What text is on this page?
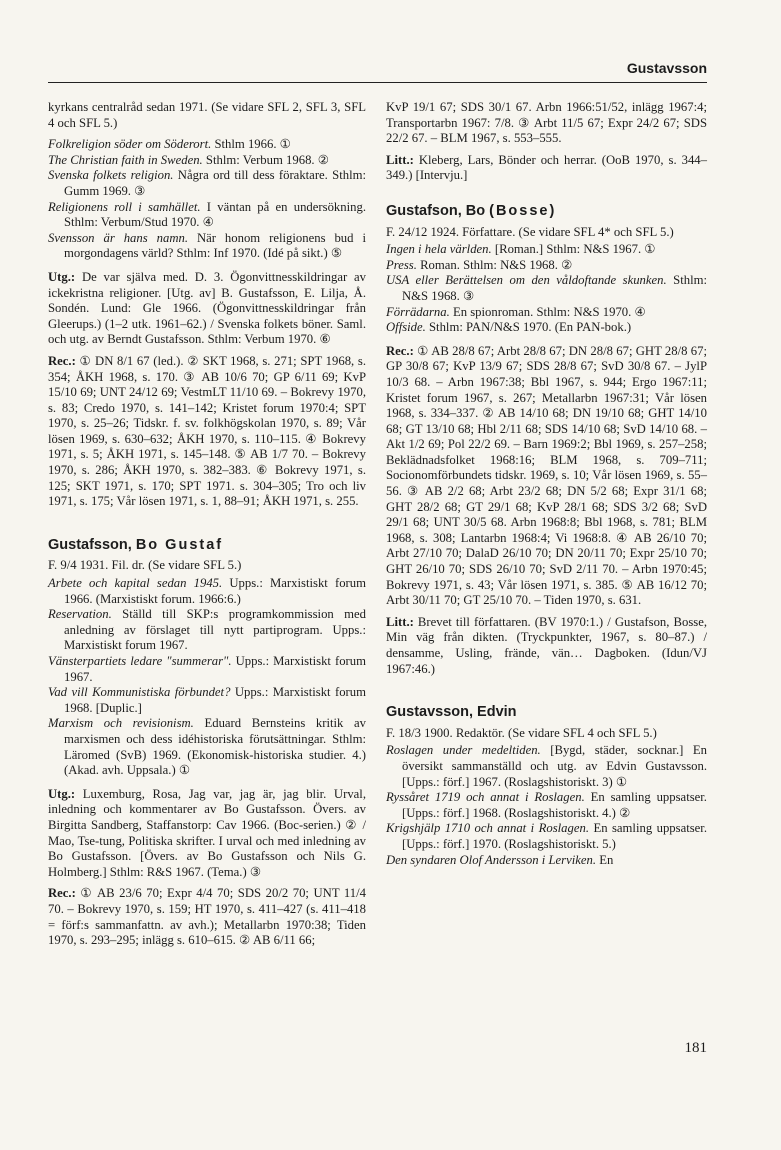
Gustavsson

kyrkans centralråd sedan 1971. (Se vidare SFL 2, SFL 3, SFL 4 och SFL 5.)

Folkreligion söder om Söderort. Sthlm 1966. ①

The Christian faith in Sweden. Sthlm: Verbum 1968. ②

Svenska folkets religion. Några ord till dess föraktare. Sthlm: Gumm 1969. ③

Religionens roll i samhället. I väntan på en undersökning. Sthlm: Verbum/Stud 1970. ④

Svensson är hans namn. När honom religionens bud i morgondagens värld? Sthlm: Inf 1970. (Idé på sikt.) ⑤

Utg.: De var själva med. D. 3. Ögonvittnesskildringar av ickekristna religioner. [Utg. av] B. Gustafsson, E. Lilja, Å. Sondén. Lund: Gle 1966. (Ögonvittnesskildringar från Gleerups.) (1–2 utk. 1961–62.) / Svenska folkets böner. Saml. och utg. av Berndt Gustafsson. Sthlm: Verbum 1970. ⑥

Rec.: ① DN 8/1 67 (led.). ② SKT 1968, s. 271; SPT 1968, s. 354; ÅKH 1968, s. 170. ③ AB 10/6 70; GP 6/11 69; KvP 15/10 69; UNT 24/12 69; VestmLT 11/10 69. – Bokrevy 1970, s. 83; Credo 1970, s. 141–142; Kristet forum 1970:4; SPT 1970, s. 25–26; Tidskr. f. sv. folkhögskolan 1970, s. 89; Vår lösen 1969, s. 630–632; ÅKH 1970, s. 110–115. ④ Bokrevy 1971, s. 5; ÅKH 1971, s. 145–148. ⑤ AB 1/7 70. – Bokrevy 1970, s. 286; ÅKH 1970, s. 382–383. ⑥ Bokrevy 1971, s. 125; SKT 1971, s. 170; SPT 1971. s. 304–305; Tro och liv 1971, s. 175; Vår lösen 1971, s. 1, 88–91; ÅKH 1971, s. 255.

Gustafsson, Bo Gustaf

F. 9/4 1931. Fil. dr. (Se vidare SFL 5.)

Arbete och kapital sedan 1945. Upps.: Marxistiskt forum 1966. (Marxistiskt forum. 1966:6.)

Reservation. Ställd till SKP:s programkommission med anledning av förslaget till nytt partiprogram. Upps.: Marxistiskt forum 1967.

Vänsterpartiets ledare "summerar". Upps.: Marxistiskt forum 1967.

Vad vill Kommunistiska förbundet? Upps.: Marxistiskt forum 1968. [Duplic.]

Marxism och revisionism. Eduard Bernsteins kritik av marxismen och dess idéhistoriska förutsättningar. Sthlm: Läromed (SvB) 1969. (Ekonomisk-historiska studier. 4.) (Akad. avh. Uppsala.) ①

Utg.: Luxemburg, Rosa, Jag var, jag är, jag blir. Urval, inledning och kommentarer av Bo Gustafsson. Övers. av Birgitta Sandberg, Staffanstorp: Cav 1966. (Boc-serien.) ② / Mao, Tse-tung, Politiska skrifter. I urval och med inledning av Bo Gustafsson. [Övers. av Bo Gustafsson och Nils G. Holmberg.] Sthlm: R&S 1967. (Tema.) ③

Rec.: ① AB 23/6 70; Expr 4/4 70; SDS 20/2 70; UNT 11/4 70. – Bokrevy 1970, s. 159; HT 1970, s. 411–427 (s. 411–418 = förf:s sammanfattn. av avh.); Metallarbn 1970:38; Tiden 1970, s. 293–295; inlägg s. 610–615. ② AB 6/11 66;

KvP 19/1 67; SDS 30/1 67. Arbn 1966:51/52, inlägg 1967:4; Transportarbn 1967: 7/8. ③ Arbt 11/5 67; Expr 24/2 67; SDS 22/2 67. – BLM 1967, s. 553–555.

Litt.: Kleberg, Lars, Bönder och herrar. (OoB 1970, s. 344–349.) [Intervju.]

Gustafson, Bo (Bosse)

F. 24/12 1924. Författare. (Se vidare SFL 4* och SFL 5.)

Ingen i hela världen. [Roman.] Sthlm: N&S 1967. ①

Press. Roman. Sthlm: N&S 1968. ②

USA eller Berättelsen om den våldoftande skunken. Sthlm: N&S 1968. ③

Förrädarna. En spionroman. Sthlm: N&S 1970. ④

Offside. Sthlm: PAN/N&S 1970. (En PAN-bok.)

Rec.: ① AB 28/8 67; Arbt 28/8 67; DN 28/8 67; GHT 28/8 67; GP 30/8 67; KvP 13/9 67; SDS 28/8 67; SvD 30/8 67. – JylP 10/3 68. – Arbn 1967:38; Bbl 1967, s. 944; Ergo 1967:11; Kristet forum 1967, s. 267; Metallarbn 1967:31; Vår lösen 1968, s. 334–337. ② AB 14/10 68; DN 19/10 68; GHT 14/10 68; GT 13/10 68; Hbl 2/11 68; SDS 14/10 68; SvD 14/10 68. – Akt 1/2 69; Pol 22/2 69. – Barn 1969:2; Bbl 1969, s. 257–258; Beklädnadsfolket 1968:16; BLM 1968, s. 709–711; Socionomförbundets tidskr. 1969, s. 10; Vår lösen 1969, s. 55–56. ③ AB 2/2 68; Arbt 23/2 68; DN 5/2 68; Expr 31/1 68; GHT 28/2 68; GT 29/1 68; KvP 28/1 68; SDS 3/2 68; SvD 29/1 68; UNT 30/5 68. Arbn 1968:8; Bbl 1968, s. 781; BLM 1968, s. 308; Lantarbn 1968:4; Vi 1968:8. ④ AB 26/10 70; Arbt 27/10 70; DalaD 26/10 70; DN 20/11 70; Expr 25/10 70; GHT 26/10 70; SDS 26/10 70; SvD 2/11 70. – Arbn 1970:45; Bokrevy 1971, s. 43; Vår lösen 1971, s. 385. ⑤ AB 16/12 70; Arbt 30/11 70; GT 25/10 70. – Tiden 1970, s. 631.

Litt.: Brevet till författaren. (BV 1970:1.) / Gustafson, Bosse, Min väg från dikten. (Tryckpunkter, 1967, s. 80–87.) / densamme, Usling, frände, vän… Dagboken. (Idun/VJ 1967:46.)

Gustavsson, Edvin

F. 18/3 1900. Redaktör. (Se vidare SFL 4 och SFL 5.)

Roslagen under medeltiden. [Bygd, städer, socknar.] En översikt sammanställd och utg. av Edvin Gustavsson. [Upps.: förf.] 1967. (Roslagshistoriskt. 3) ①

Ryssåret 1719 och annat i Roslagen. En samling uppsatser. [Upps.: förf.] 1968. (Roslagshistoriskt. 4.) ②

Krigshjälp 1710 och annat i Roslagen. En samling uppsatser. [Upps.: förf.] 1970. (Roslagshistoriskt. 5.)

Den syndaren Olof Andersson i Lerviken. En

181
